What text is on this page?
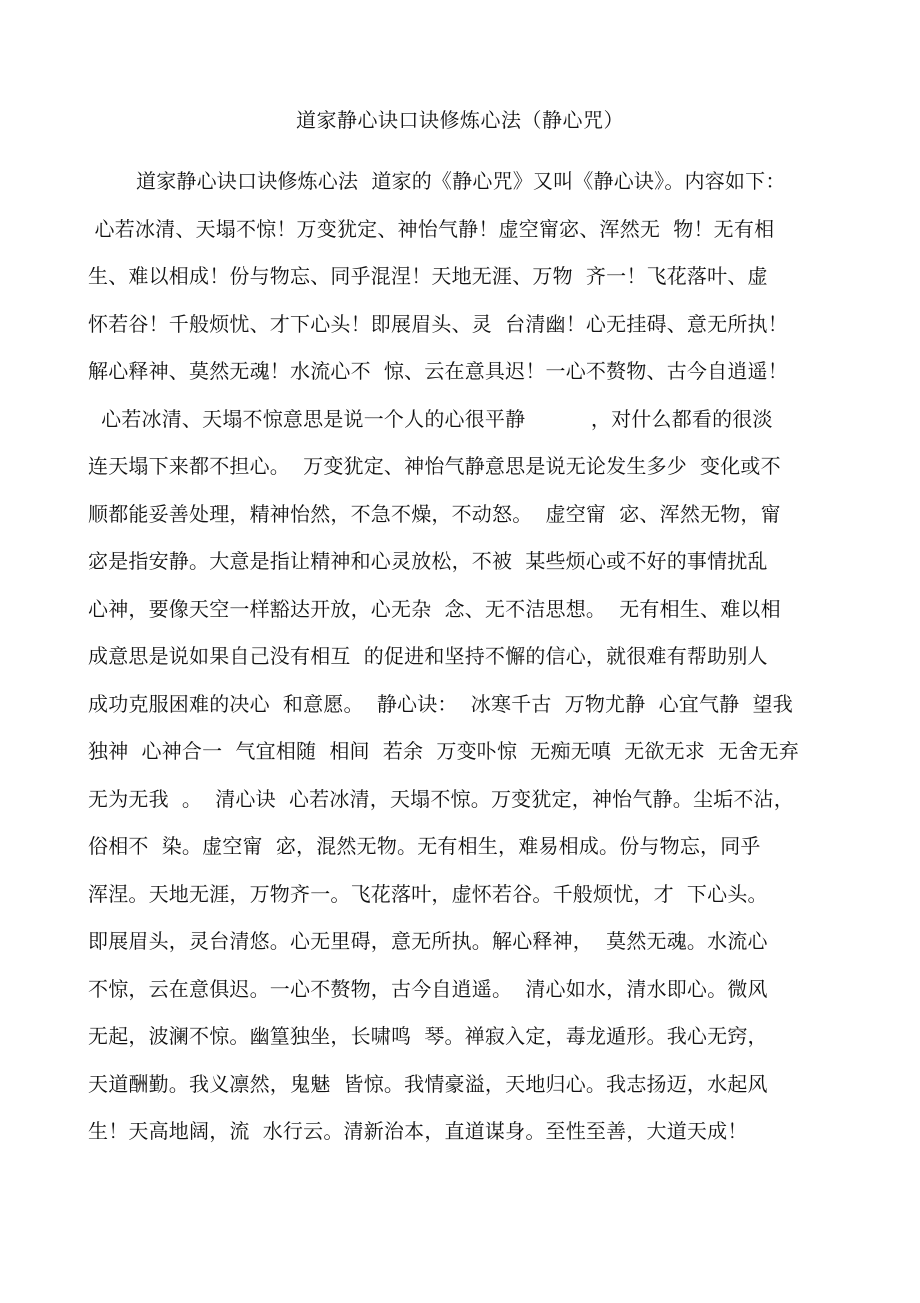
道家静心诀口诀修炼心法（静心咒）
道家静心诀口诀修炼心法  道家的《静心咒》又叫《静心诀》。内容如下：
心若冰清、天塌不惊！万变犹定、神怡气静！虚空甯宓、浑然无  物！无有相
生、难以相成！份与物忘、同乎混涅！天地无涯、万物  齐一！飞花落叶、虚
怀若谷！千般烦忧、才下心头！即展眉头、灵  台清幽！心无挂碍、意无所执！
解心释神、莫然无魂！水流心不  惊、云在意具迟！一心不赘物、古今自逍遥！
心若冰清、天塌不惊意思是说一个人的心很平静          ，对什么都看的很淡
连天塌下来都不担心。  万变犹定、神怡气静意思是说无论发生多少  变化或不
顺都能妥善处理，精神怡然，不急不燥，不动怒。  虚空甯  宓、浑然无物，甯
宓是指安静。大意是指让精神和心灵放松，不被  某些烦心或不好的事情扰乱
心神，要像天空一样豁达开放，心无杂  念、无不洁思想。  无有相生、难以相
成意思是说如果自己没有相互  的促进和坚持不懈的信心，就很难有帮助别人
成功克服困难的决心  和意愿。  静心诀：  冰寒千古  万物尤静  心宜气静  望我
独神  心神合一  气宜相随  相间  若余  万变卟惊  无痴无嗔  无欲无求  无舍无弃
无为无我  。  清心诀  心若冰清，天塌不惊。万变犹定，神怡气静。尘垢不沾，
俗相不  染。虚空甯  宓，混然无物。无有相生，难易相成。份与物忘，同乎
浑涅。天地无涯，万物齐一。飞花落叶，虚怀若谷。千般烦忧，才  下心头。
即展眉头，灵台清悠。心无里碍，意无所执。解心释神，  莫然无魂。水流心
不惊，云在意俱迟。一心不赘物，古今自逍遥。  清心如水，清水即心。微风
无起，波澜不惊。幽篁独坐，长啸鸣  琴。禅寂入定，毒龙遁形。我心无窍，
天道酬勤。我义凛然，鬼魅  皆惊。我情豪溢，天地归心。我志扬迈，水起风
生！天高地阔，流  水行云。清新治本，直道谋身。至性至善，大道天成！
